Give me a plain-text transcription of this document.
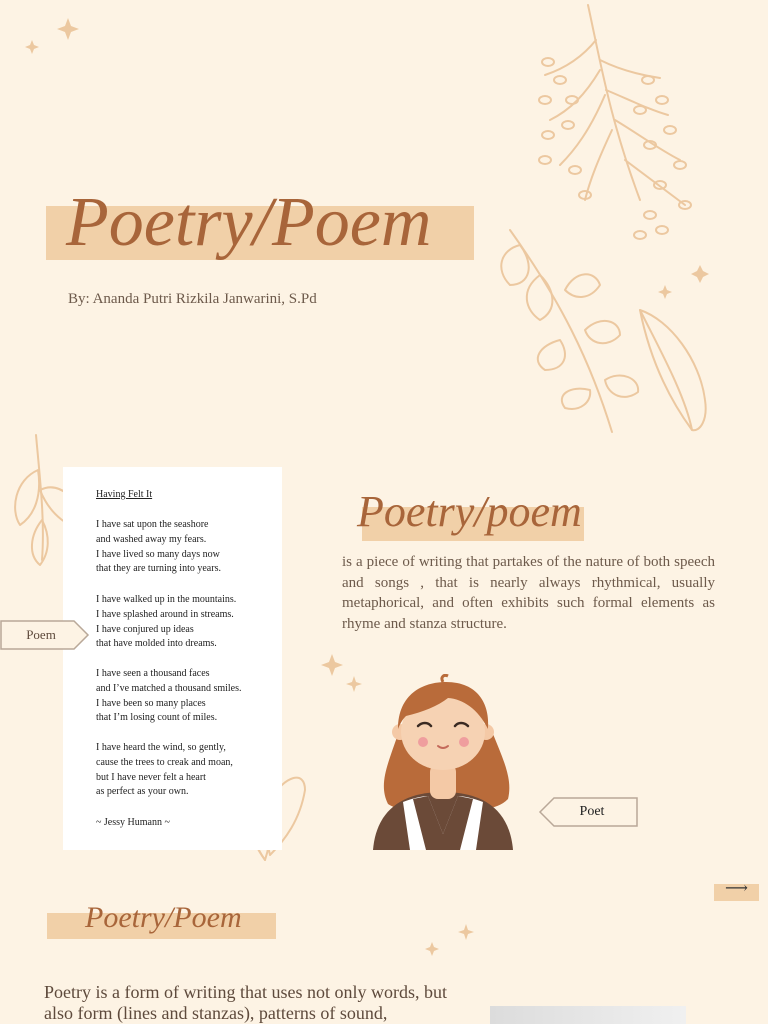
Poetry/Poem
By: Ananda Putri Rizkila Janwarini, S.Pd
Having Felt It
I have sat upon the seashore
and washed away my fears.
I have lived so many days now
that they are turning into years.
I have walked up in the mountains.
I have splashed around in streams.
I have conjured up ideas
that have molded into dreams.
I have seen a thousand faces
and I’ve matched a thousand smiles.
I have been so many places
that I’m losing count of miles.
I have heard the wind, so gently,
cause the trees to creak and moan,
but I have never felt a heart
as perfect as your own.
~ Jessy Humann ~
Poem
Poetry/poem
is a piece of writing that partakes of the nature of both speech and songs , that is nearly always rhythmical, usually metaphorical, and often exhibits such formal elements as rhyme and stanza structure.
Poet
⟶
Poetry/Poem
Poetry is a form of writing that uses not only words, but also form (lines and stanzas), patterns of sound,
